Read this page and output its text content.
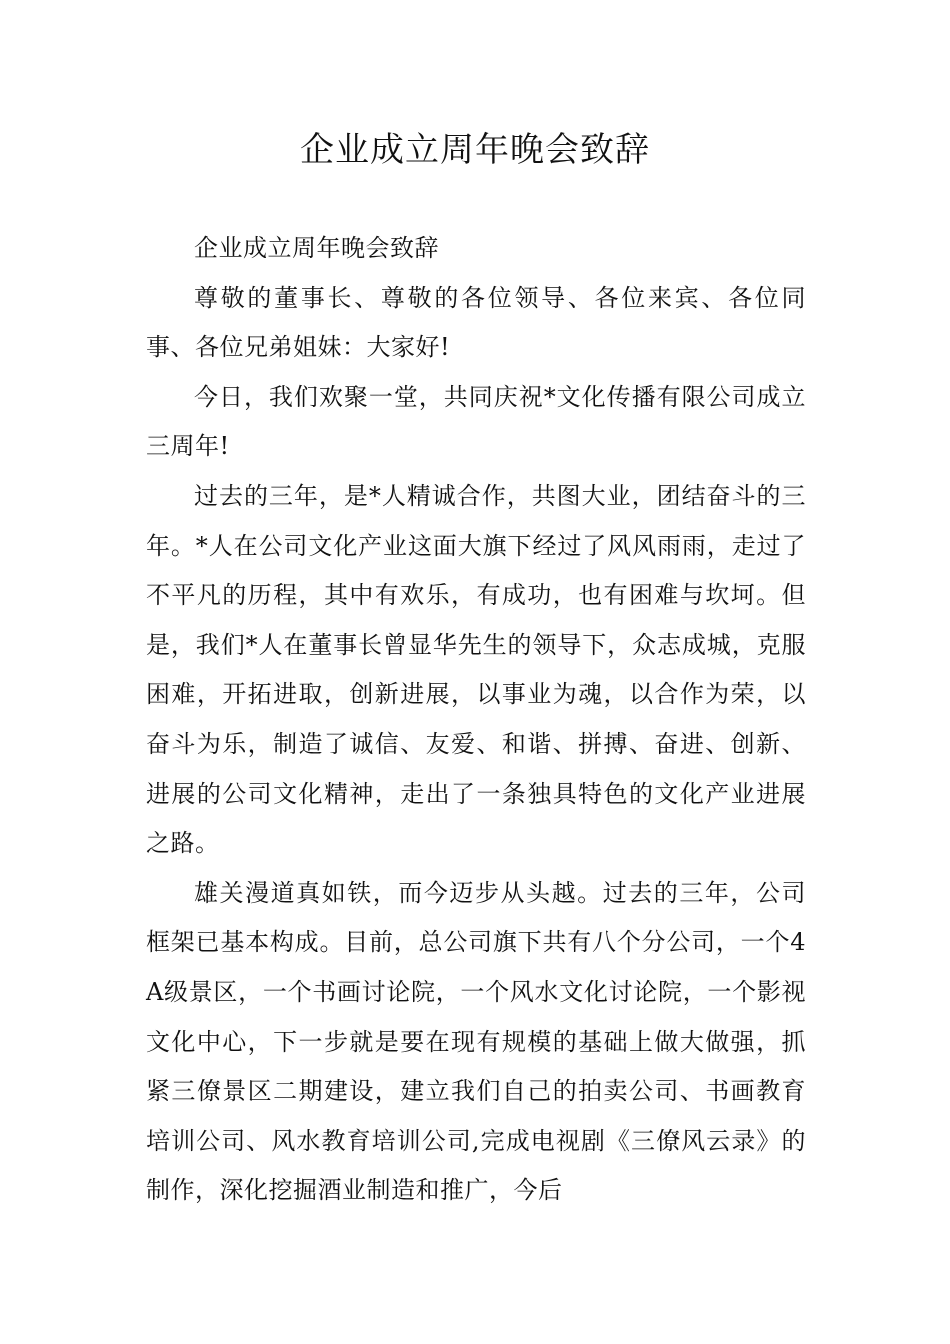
企业成立周年晚会致辞

企业成立周年晚会致辞

尊敬的董事长、尊敬的各位领导、各位来宾、各位同事、各位兄弟姐妹：大家好!

今日，我们欢聚一堂，共同庆祝*文化传播有限公司成立三周年!

过去的三年，是*人精诚合作，共图大业，团结奋斗的三年。*人在公司文化产业这面大旗下经过了风风雨雨，走过了不平凡的历程，其中有欢乐，有成功，也有困难与坎坷。但是，我们*人在董事长曾显华先生的领导下，众志成城，克服困难，开拓进取，创新进展，以事业为魂，以合作为荣，以奋斗为乐，制造了诚信、友爱、和谐、拼搏、奋进、创新、进展的公司文化精神，走出了一条独具特色的文化产业进展之路。

雄关漫道真如铁，而今迈步从头越。过去的三年，公司框架已基本构成。目前，总公司旗下共有八个分公司，一个4A级景区，一个书画讨论院，一个风水文化讨论院，一个影视文化中心，下一步就是要在现有规模的基础上做大做强，抓紧三僚景区二期建设，建立我们自己的拍卖公司、书画教育培训公司、风水教育培训公司,完成电视剧《三僚风云录》的制作，深化挖掘酒业制造和推广，今后
